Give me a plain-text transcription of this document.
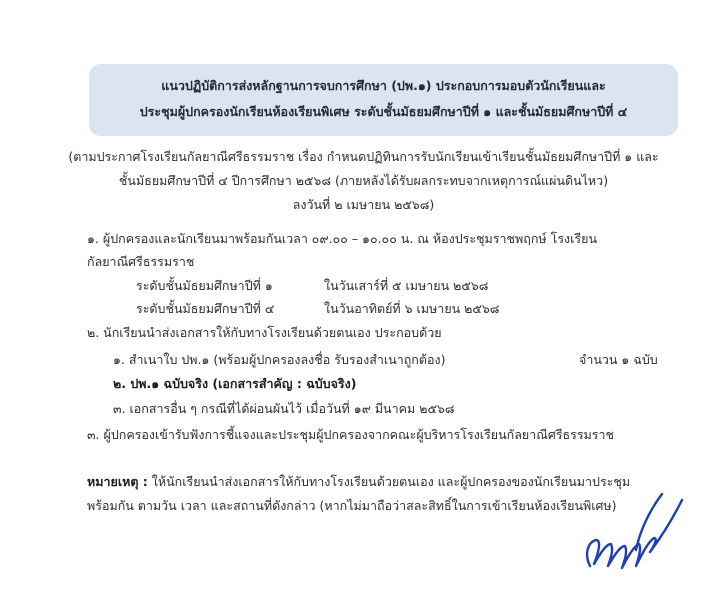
แนวปฏิบัติการส่งหลักฐานการจบการศึกษา (ปพ.๑) ประกอบการมอบตัวนักเรียนและ
ประชุมผู้ปกครองนักเรียนห้องเรียนพิเศษ ระดับชั้นมัธยมศึกษาปีที่ ๑ และชั้นมัธยมศึกษาปีที่ ๔
(ตามประกาศโรงเรียนกัลยาณีศรีธรรมราช เรื่อง กำหนดปฏิทินการรับนักเรียนเข้าเรียนชั้นมัธยมศึกษาปีที่ ๑ และ
ชั้นมัธยมศึกษาปีที่ ๔ ปีการศึกษา ๒๕๖๘ (ภายหลังได้รับผลกระทบจากเหตุการณ์แผ่นดินไหว)
ลงวันที่ ๒ เมษายน ๒๕๖๘)
๑. ผู้ปกครองและนักเรียนมาพร้อมกันเวลา ๐๙.๐๐ – ๑๐.๐๐ น. ณ ห้องประชุมราชพฤกษ์ โรงเรียน
กัลยาณีศรีธรรมราช
ระดับชั้นมัธยมศึกษาปีที่ ๑	ในวันเสาร์ที่ ๕ เมษายน ๒๕๖๘
ระดับชั้นมัธยมศึกษาปีที่ ๔	ในวันอาทิตย์ที่ ๖ เมษายน ๒๕๖๘
๒. นักเรียนนำส่งเอกสารให้กับทางโรงเรียนด้วยตนเอง ประกอบด้วย
๑. สำเนาใบ ปพ.๑ (พร้อมผู้ปกครองลงชื่อ รับรองสำเนาถูกต้อง)	จำนวน ๑ ฉบับ
๒. ปพ.๑ ฉบับจริง (เอกสารสำคัญ : ฉบับจริง)
๓. เอกสารอื่น ๆ กรณีที่ได้ผ่อนผันไว้ เมื่อวันที่ ๑๙ มีนาคม ๒๕๖๘
๓. ผู้ปกครองเข้ารับฟังการชี้แจงและประชุมผู้ปกครองจากคณะผู้บริหารโรงเรียนกัลยาณีศรีธรรมราช
หมายเหตุ : ให้นักเรียนนำส่งเอกสารให้กับทางโรงเรียนด้วยตนเอง และผู้ปกครองของนักเรียนมาประชุม
พร้อมกัน ตามวัน เวลา และสถานที่ดังกล่าว (หากไม่มาถือว่าสละสิทธิ์ในการเข้าเรียนห้องเรียนพิเศษ)
